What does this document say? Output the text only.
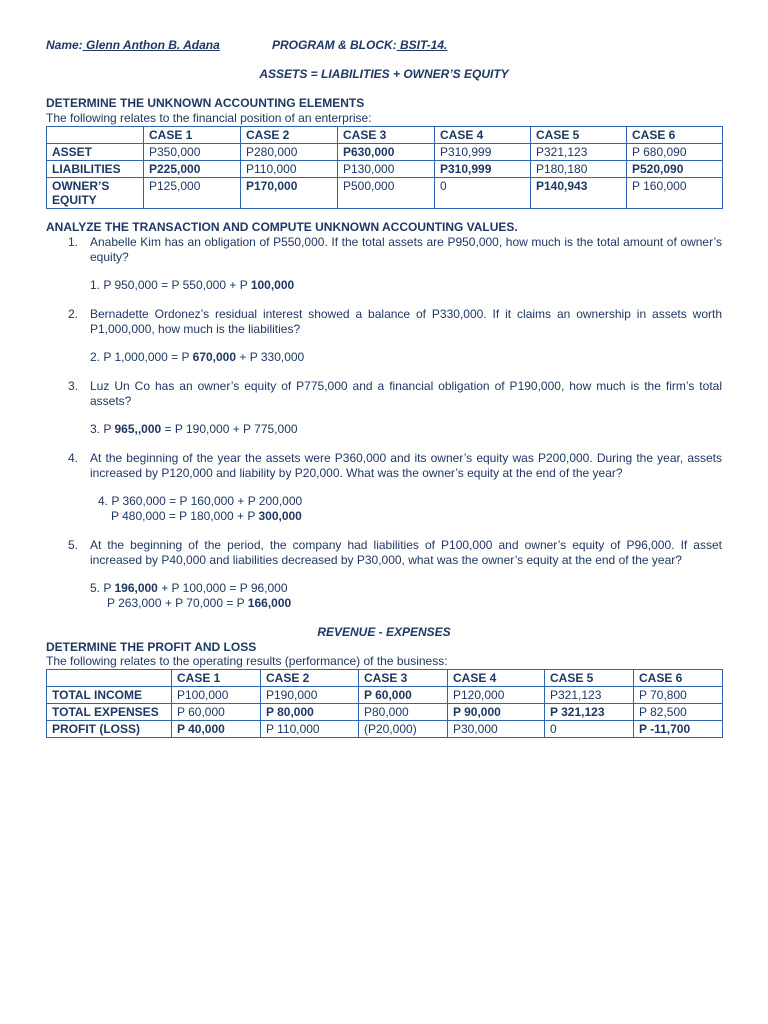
Name: Glenn Anthon B. Adana	PROGRAM & BLOCK: BSIT-14.
ASSETS = LIABILITIES + OWNER’S EQUITY
DETERMINE THE UNKNOWN ACCOUNTING ELEMENTS
The following relates to the financial position of an enterprise:
	CASE 1	CASE 2	CASE 3	CASE 4	CASE 5	CASE 6
ASSET	P350,000	P280,000	P630,000	P310,999	P321,123	P 680,090
LIABILITIES	P225,000	P110,000	P130,000	P310,999	P180,180	P520,090
OWNER’S EQUITY	P125,000	P170,000	P500,000	0	P140,943	P 160,000
ANALYZE THE TRANSACTION AND COMPUTE UNKNOWN ACCOUNTING VALUES.
1. Anabelle Kim has an obligation of P550,000. If the total assets are P950,000, how much is the total amount of owner’s equity?
1. P 950,000 = P 550,000 + P 100,000
2. Bernadette Ordonez’s residual interest showed a balance of P330,000. If it claims an ownership in assets worth P1,000,000, how much is the liabilities?
2. P 1,000,000 = P 670,000 + P 330,000
3. Luz Un Co has an owner’s equity of P775,000 and a financial obligation of P190,000, how much is the firm’s total assets?
3. P 965,,000 = P 190,000 + P 775,000
4. At the beginning of the year the assets were P360,000 and its owner’s equity was P200,000. During the year, assets increased by P120,000 and liability by P20,000. What was the owner’s equity at the end of the year?
4. P 360,000 = P 160,000 + P 200,000
P 480,000 = P 180,000 + P 300,000
5. At the beginning of the period, the company had liabilities of P100,000 and owner’s equity of P96,000. If asset increased by P40,000 and liabilities decreased by P30,000, what was the owner’s equity at the end of the year?
5. P 196,000 + P 100,000 = P 96,000
P 263,000 + P 70,000 = P 166,000
REVENUE - EXPENSES
DETERMINE THE PROFIT AND LOSS
The following relates to the operating results (performance) of the business:
	CASE 1	CASE 2	CASE 3	CASE 4	CASE 5	CASE 6
TOTAL INCOME	P100,000	P190,000	P 60,000	P120,000	P321,123	P 70,800
TOTAL EXPENSES	P 60,000	P 80,000	P80,000	P 90,000	P 321,123	P 82,500
PROFIT (LOSS)	P 40,000	P 110,000	(P20,000)	P30,000	0	P -11,700
